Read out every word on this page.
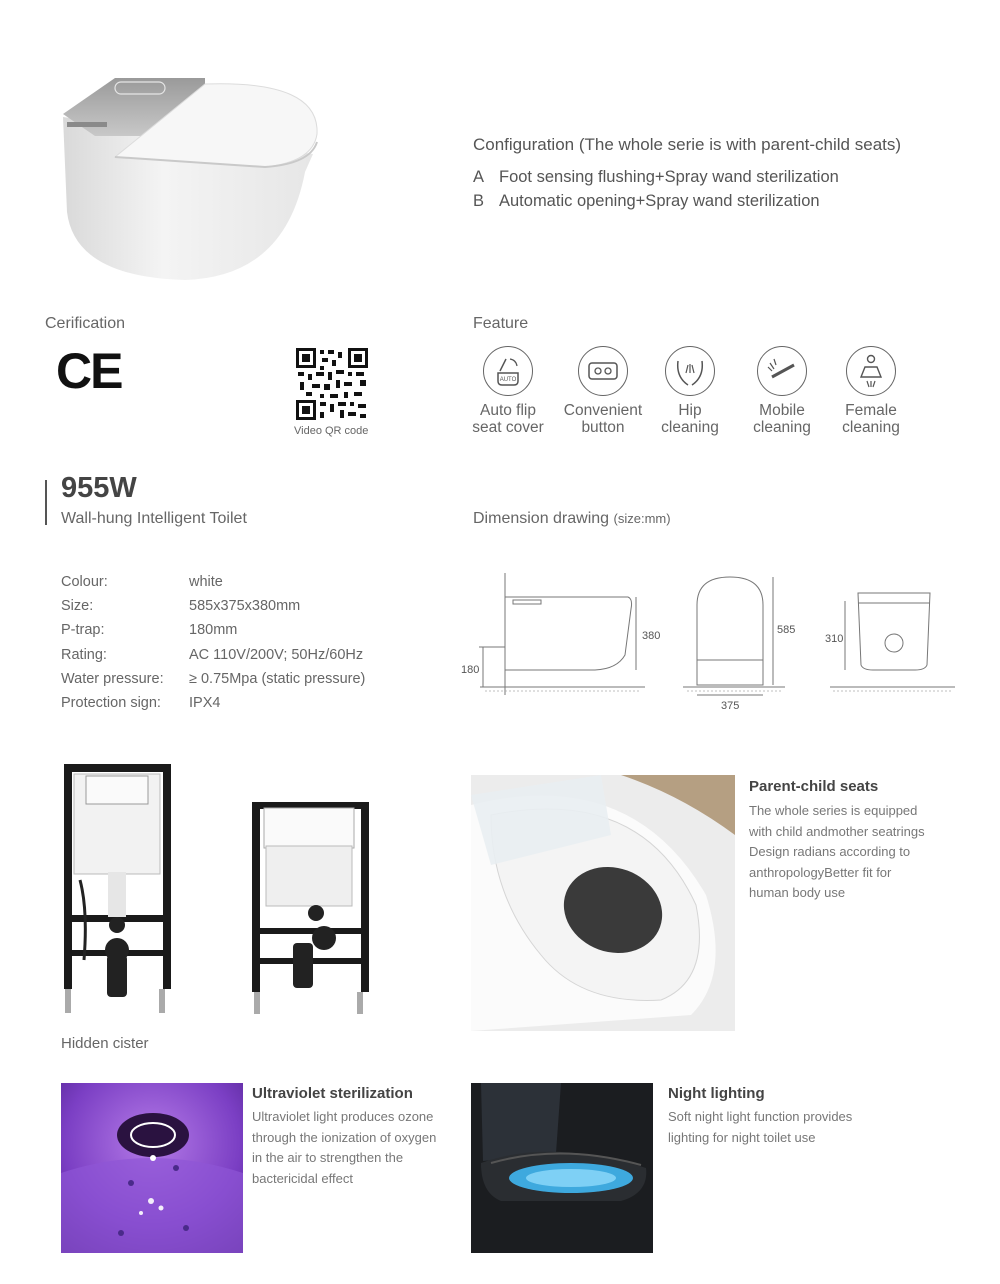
Configuration (The whole serie is with parent-child seats)
A Foot sensing flushing+Spray wand sterilization
B Automatic opening+Spray wand sterilization
Cerification
CE
Video QR code
Feature
AUTO
Auto flip
seat cover
Convenient
button
Hip
cleaning
Mobile
cleaning
Female
cleaning
955W
Wall-hung Intelligent Toilet	Dimension drawing (size:mm)
380
180
585
375
310
Colour:	white
Size:	585x375x380mm
P-trap:	180mm
Rating:	AC 110V/200V; 50Hz/60Hz
Water pressure: ≥ 0.75Mpa (static pressure)
Protection sign: IPX4
Hidden cister
Parent-child seats
The whole series is equipped
with child andmother seatrings
Design radians according to
anthropologyBetter fit for
human body use
Ultraviolet sterilization
Ultraviolet light produces ozone
through the ionization of oxygen
in the air to strengthen the
bactericidal effect
Night lighting
Soft night light function provides
lighting for night toilet use
